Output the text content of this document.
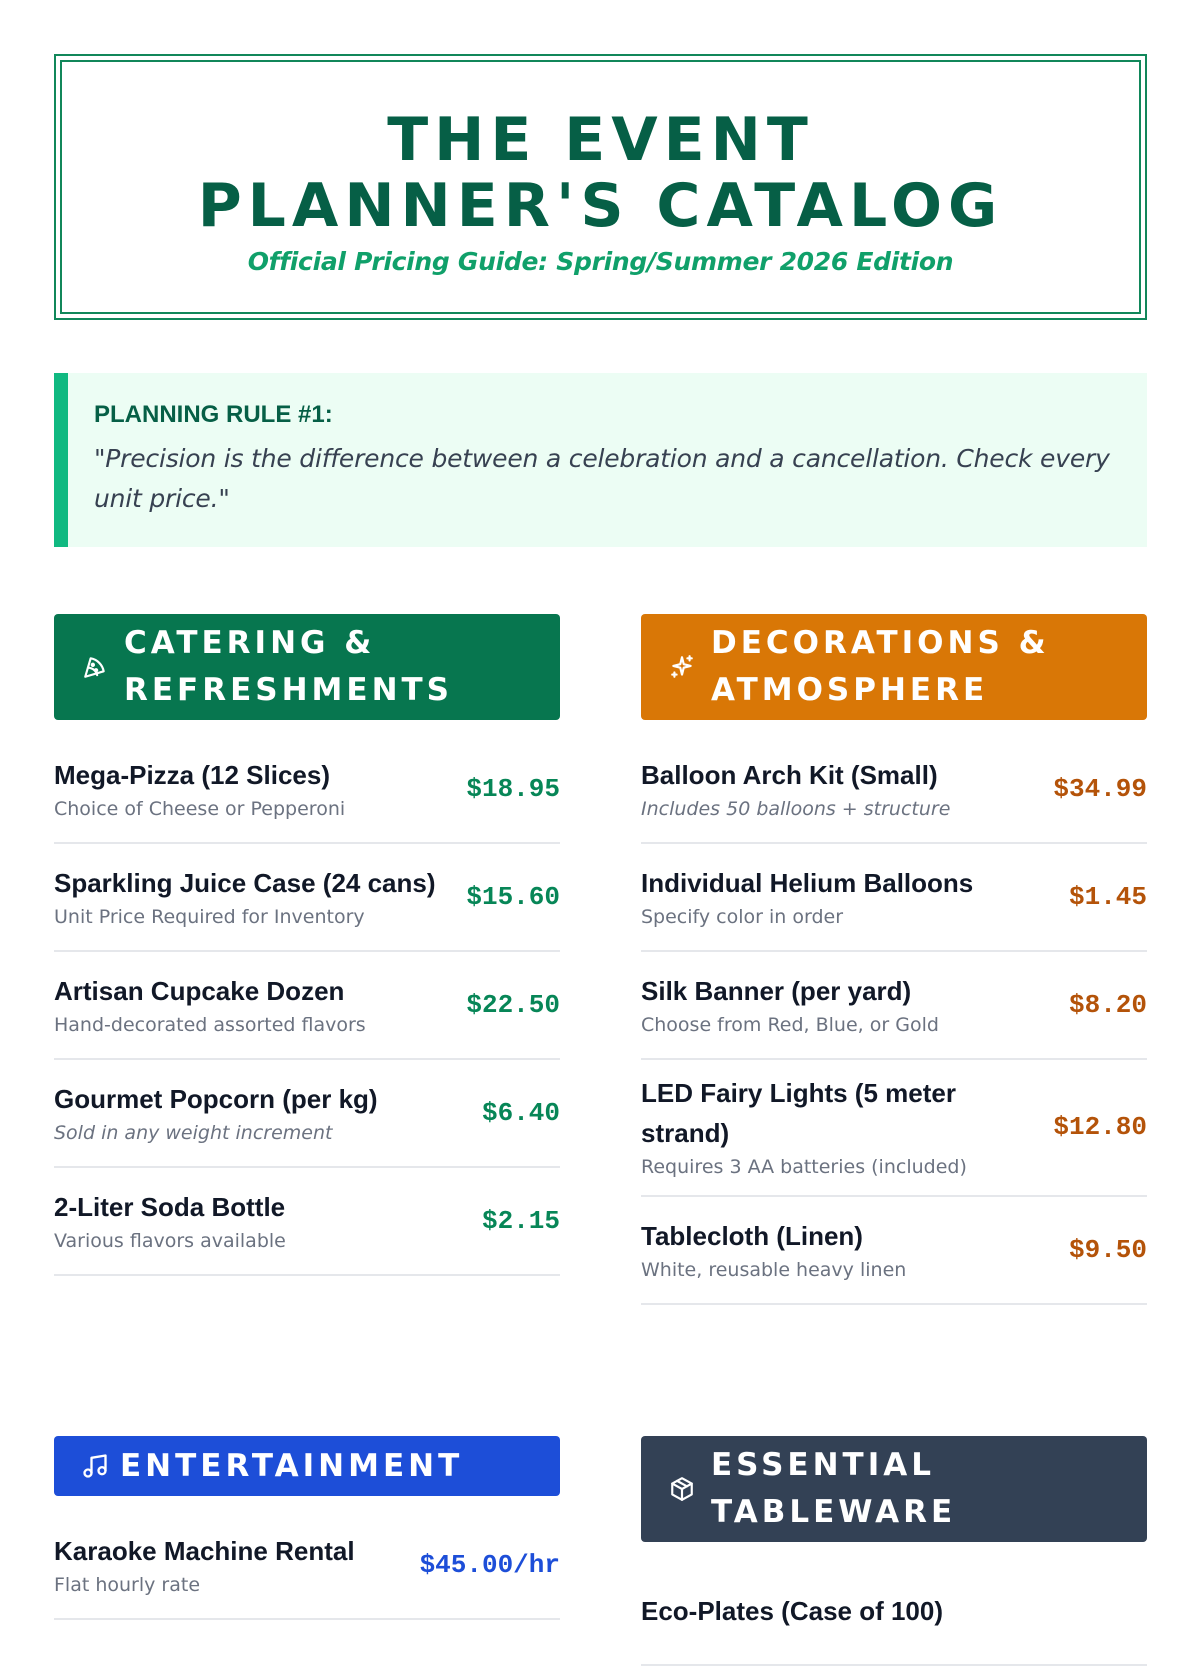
THE EVENT PLANNER'S CATALOG
Official Pricing Guide: Spring/Summer 2026 Edition
PLANNING RULE #1:
"Precision is the difference between a celebration and a cancellation. Check every unit price."
CATERING & REFRESHMENTS
Mega-Pizza (12 Slices)
Choice of Cheese or Pepperoni
$18.95
Sparkling Juice Case (24 cans)
Unit Price Required for Inventory
$15.60
Artisan Cupcake Dozen
Hand-decorated assorted flavors
$22.50
Gourmet Popcorn (per kg)
Sold in any weight increment
$6.40
2-Liter Soda Bottle
Various flavors available
$2.15
DECORATIONS & ATMOSPHERE
Balloon Arch Kit (Small)
Includes 50 balloons + structure
$34.99
Individual Helium Balloons
Specify color in order
$1.45
Silk Banner (per yard)
Choose from Red, Blue, or Gold
$8.20
LED Fairy Lights (5 meter strand)
Requires 3 AA batteries (included)
$12.80
Tablecloth (Linen)
White, reusable heavy linen
$9.50
ENTERTAINMENT
Karaoke Machine Rental
Flat hourly rate
$45.00/hr
ESSENTIAL TABLEWARE
Eco-Plates (Case of 100)
